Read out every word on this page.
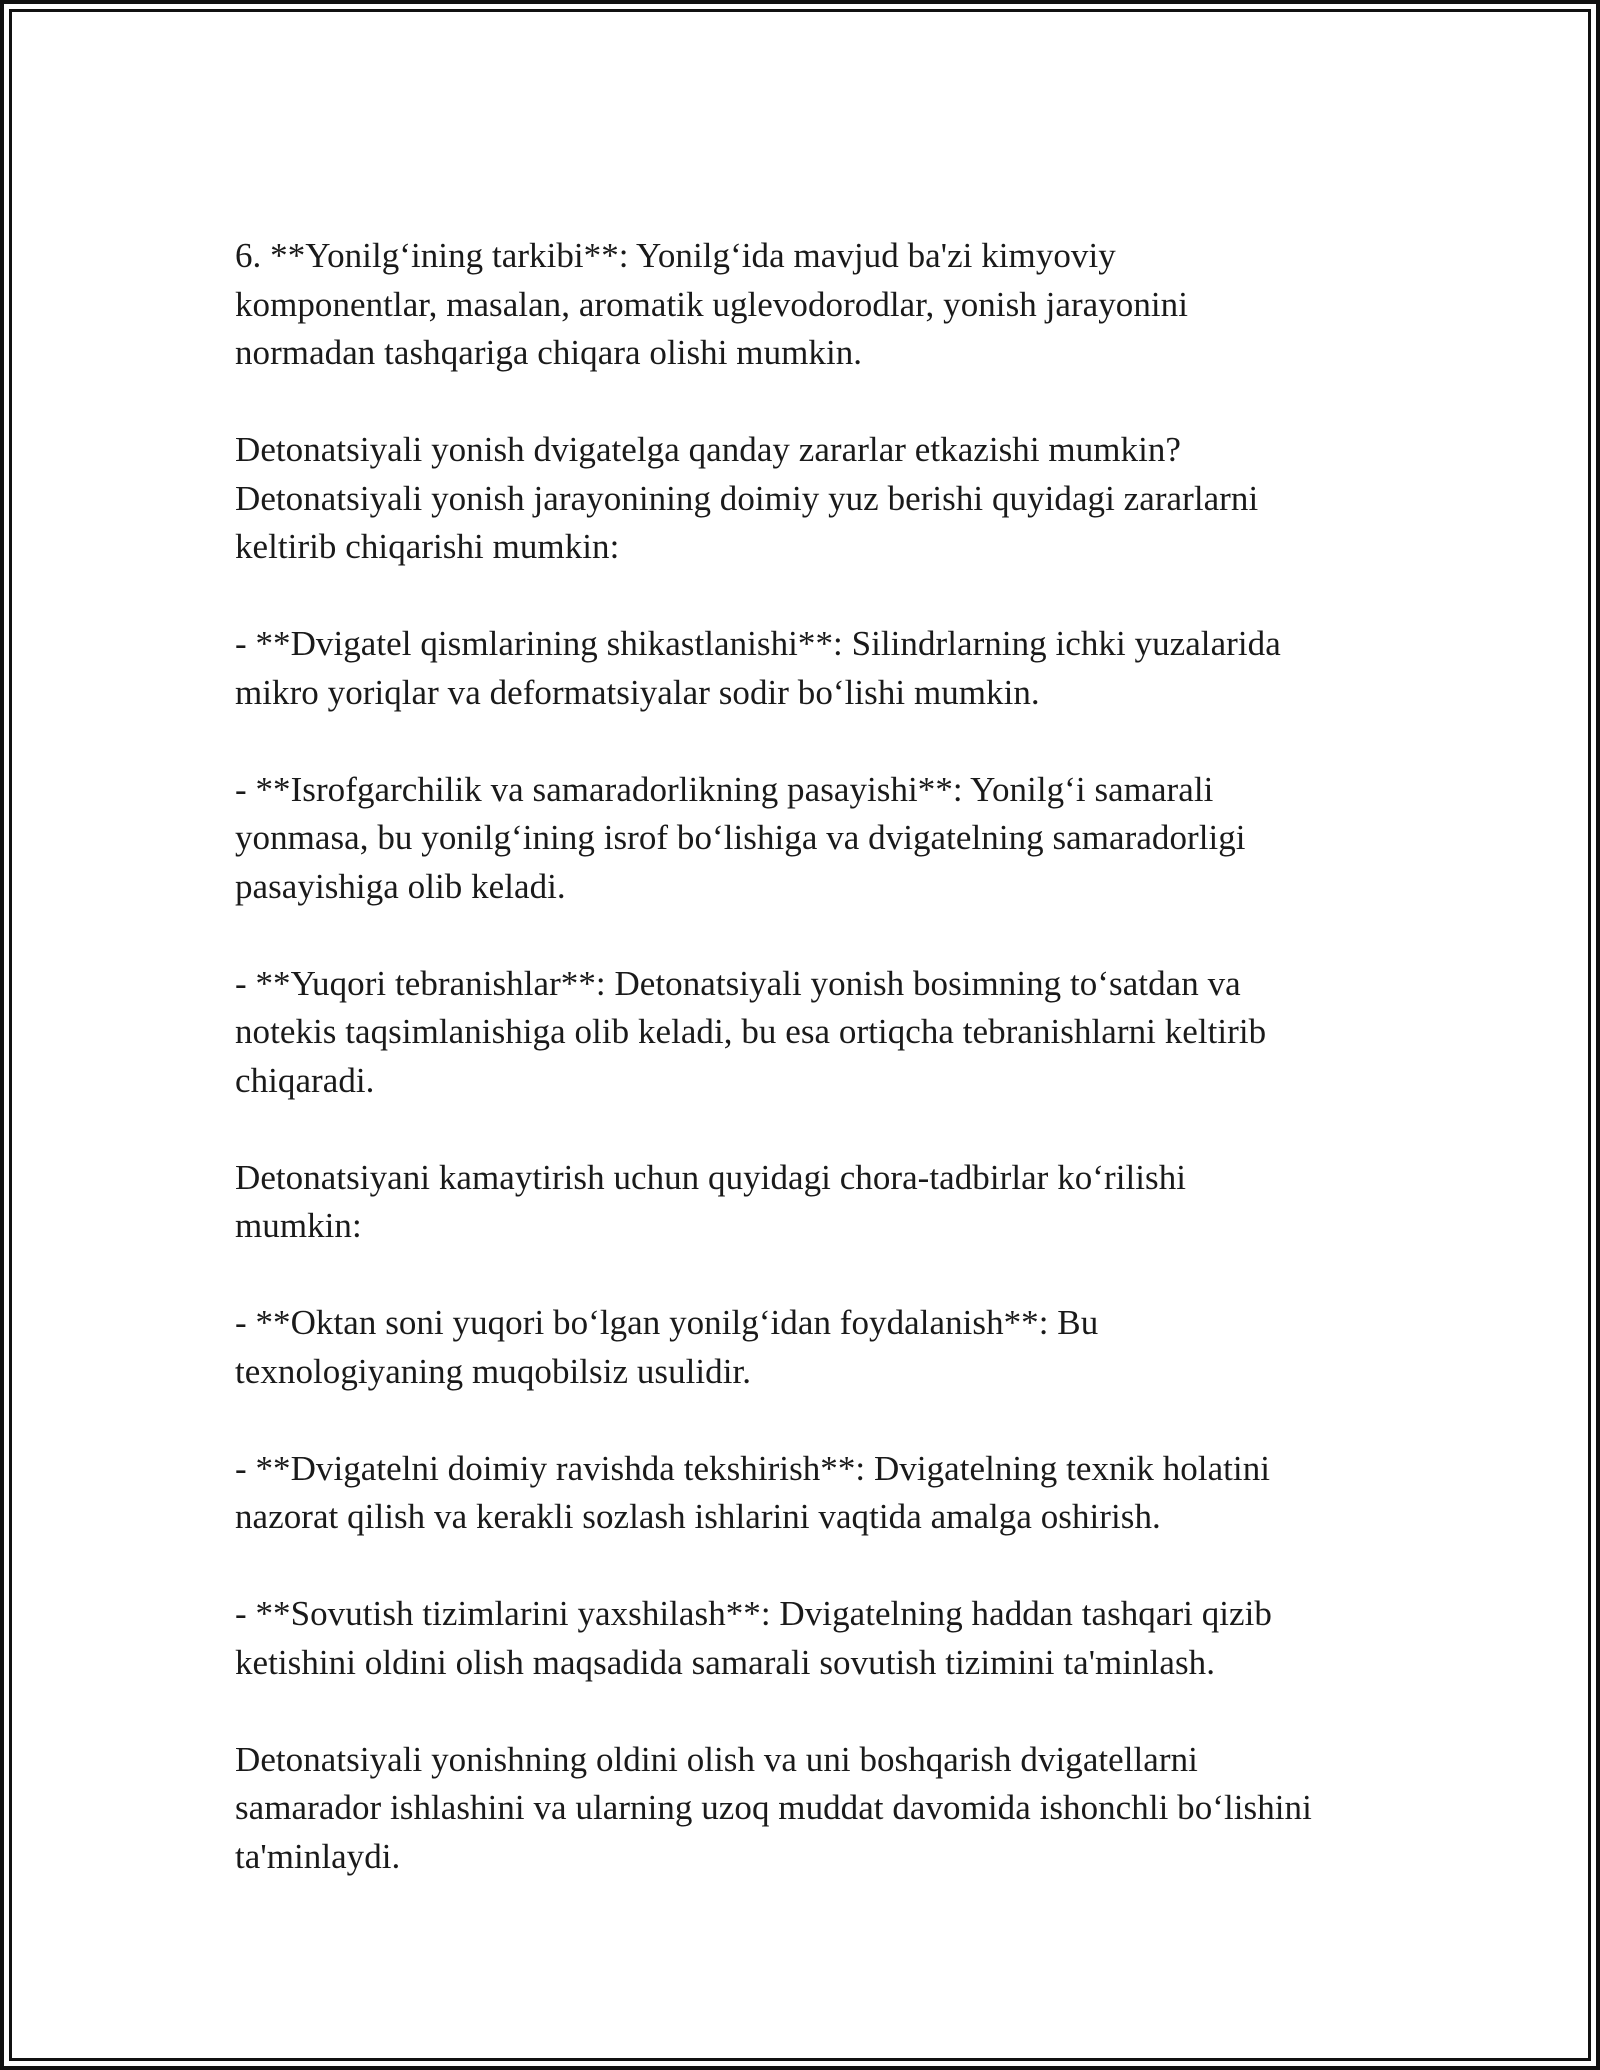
6. **Yonilg‘ining tarkibi**: Yonilg‘ida mavjud ba'zi kimyoviy
komponentlar, masalan, aromatik uglevodorodlar, yonish jarayonini
normadan tashqariga chiqara olishi mumkin.

Detonatsiyali yonish dvigatelga qanday zararlar etkazishi mumkin?
Detonatsiyali yonish jarayonining doimiy yuz berishi quyidagi zararlarni
keltirib chiqarishi mumkin:

- **Dvigatel qismlarining shikastlanishi**: Silindrlarning ichki yuzalarida
mikro yoriqlar va deformatsiyalar sodir bo‘lishi mumkin.

- **Isrofgarchilik va samaradorlikning pasayishi**: Yonilg‘i samarali
yonmasa, bu yonilg‘ining isrof bo‘lishiga va dvigatelning samaradorligi
pasayishiga olib keladi.

- **Yuqori tebranishlar**: Detonatsiyali yonish bosimning to‘satdan va
notekis taqsimlanishiga olib keladi, bu esa ortiqcha tebranishlarni keltirib
chiqaradi.

Detonatsiyani kamaytirish uchun quyidagi chora-tadbirlar ko‘rilishi
mumkin:

- **Oktan soni yuqori bo‘lgan yonilg‘idan foydalanish**: Bu
texnologiyaning muqobilsiz usulidir.

- **Dvigatelni doimiy ravishda tekshirish**: Dvigatelning texnik holatini
nazorat qilish va kerakli sozlash ishlarini vaqtida amalga oshirish.

- **Sovutish tizimlarini yaxshilash**: Dvigatelning haddan tashqari qizib
ketishini oldini olish maqsadida samarali sovutish tizimini ta'minlash.

Detonatsiyali yonishning oldini olish va uni boshqarish dvigatellarni
samarador ishlashini va ularning uzoq muddat davomida ishonchli bo‘lishini
ta'minlaydi.
